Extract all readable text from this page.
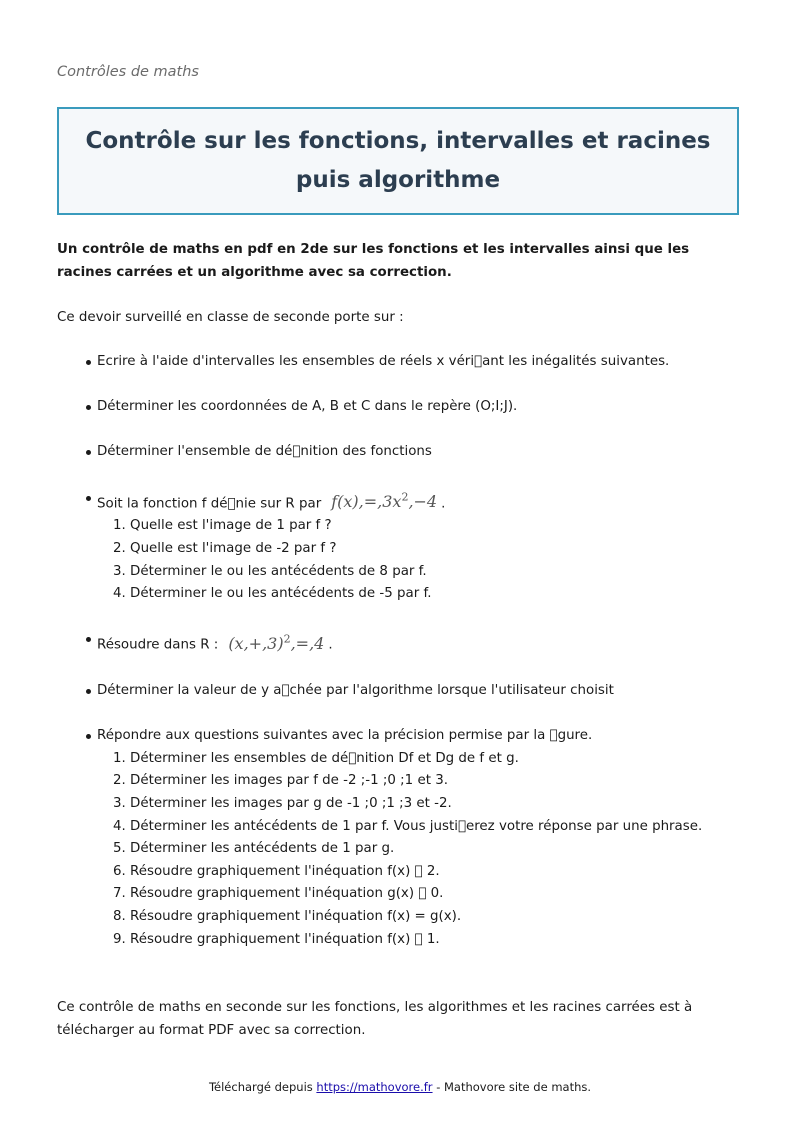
Contrôles de maths
Contrôle sur les fonctions, intervalles et racines puis algorithme

Un contrôle de maths en pdf en 2de sur les fonctions et les intervalles ainsi que les racines carrées et un algorithme avec sa correction.

Ce devoir surveillé en classe de seconde porte sur :

Ecrire à l'aide d'intervalles les ensembles de réels x véri ant les inégalités suivantes.
Déterminer les coordonnées de A, B et C dans le repère (O;I;J).
Déterminer l'ensemble de dé nition des fonctions
Soit la fonction f dé nie sur R par $f(x),=,3x^2,-4$ .
1. Quelle est l'image de 1 par f ?
2. Quelle est l'image de -2 par f ?
3. Déterminer le ou les antécédents de 8 par f.
4. Déterminer le ou les antécédents de -5 par f.
Résoudre dans R : $(x,+,3)^2,=,4$ .
Déterminer la valeur de y a chée par l'algorithme lorsque l'utilisateur choisit
Répondre aux questions suivantes avec la précision permise par la  gure.
1. Déterminer les ensembles de dé nition Df et Dg de f et g.
2. Déterminer les images par f de -2 ;-1 ;0 ;1 et 3.
3. Déterminer les images par g de -1 ;0 ;1 ;3 et -2.
4. Déterminer les antécédents de 1 par f. Vous justi erez votre réponse par une phrase.
5. Déterminer les antécédents de 1 par g.
6. Résoudre graphiquement l'inéquation f(x)   2.
7. Résoudre graphiquement l'inéquation g(x)   0.
8. Résoudre graphiquement l'inéquation f(x) = g(x).
9. Résoudre graphiquement l'inéquation f(x)   1.

Ce contrôle de maths en seconde sur les fonctions, les algorithmes et les racines carrées est à télécharger au format PDF avec sa correction.

Téléchargé depuis https://mathovore.fr - Mathovore site de maths.
